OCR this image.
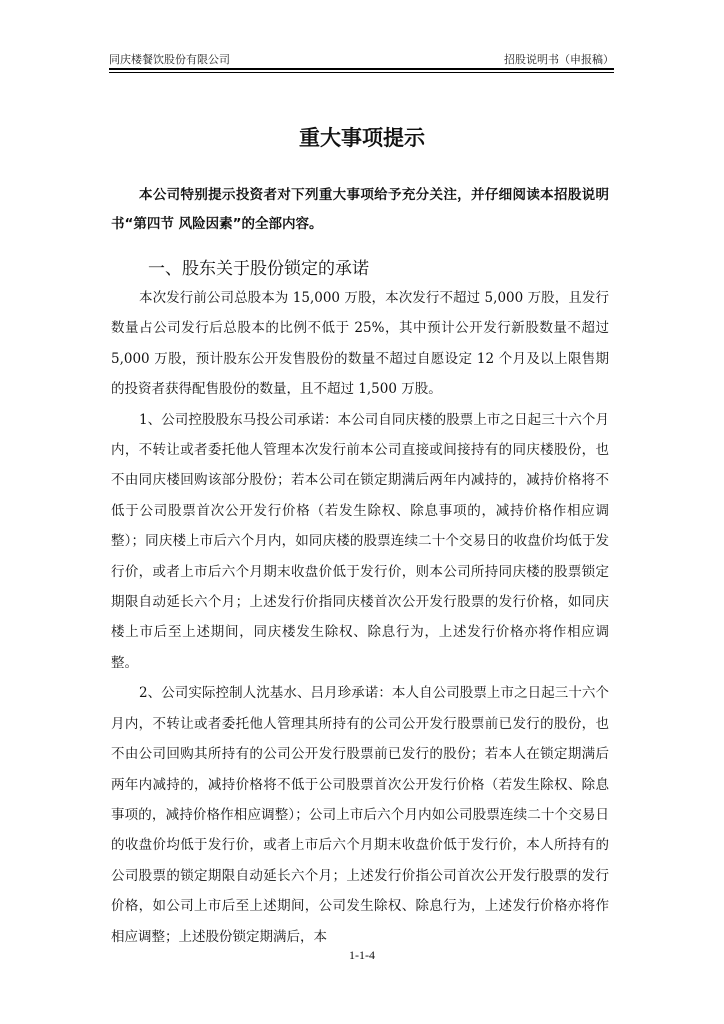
同庆楼餐饮股份有限公司	招股说明书（申报稿）
重大事项提示

本公司特别提示投资者对下列重大事项给予充分关注，并仔细阅读本招股说明书“第四节 风险因素”的全部内容。

一、股东关于股份锁定的承诺

本次发行前公司总股本为 15,000 万股，本次发行不超过 5,000 万股，且发行数量占公司发行后总股本的比例不低于 25%，其中预计公开发行新股数量不超过 5,000 万股，预计股东公开发售股份的数量不超过自愿设定 12 个月及以上限售期的投资者获得配售股份的数量，且不超过 1,500 万股。

1、公司控股股东马投公司承诺：本公司自同庆楼的股票上市之日起三十六个月内，不转让或者委托他人管理本次发行前本公司直接或间接持有的同庆楼股份，也不由同庆楼回购该部分股份；若本公司在锁定期满后两年内减持的，减持价格将不低于公司股票首次公开发行价格（若发生除权、除息事项的，减持价格作相应调整）；同庆楼上市后六个月内，如同庆楼的股票连续二十个交易日的收盘价均低于发行价，或者上市后六个月期末收盘价低于发行价，则本公司所持同庆楼的股票锁定期限自动延长六个月；上述发行价指同庆楼首次公开发行股票的发行价格，如同庆楼上市后至上述期间，同庆楼发生除权、除息行为，上述发行价格亦将作相应调整。

2、公司实际控制人沈基水、吕月珍承诺：本人自公司股票上市之日起三十六个月内，不转让或者委托他人管理其所持有的公司公开发行股票前已发行的股份，也不由公司回购其所持有的公司公开发行股票前已发行的股份；若本人在锁定期满后两年内减持的，减持价格将不低于公司股票首次公开发行价格（若发生除权、除息事项的，减持价格作相应调整）；公司上市后六个月内如公司股票连续二十个交易日的收盘价均低于发行价，或者上市后六个月期末收盘价低于发行价，本人所持有的公司股票的锁定期限自动延长六个月；上述发行价指公司首次公开发行股票的发行价格，如公司上市后至上述期间，公司发生除权、除息行为，上述发行价格亦将作相应调整；上述股份锁定期满后，本

1-1-4
